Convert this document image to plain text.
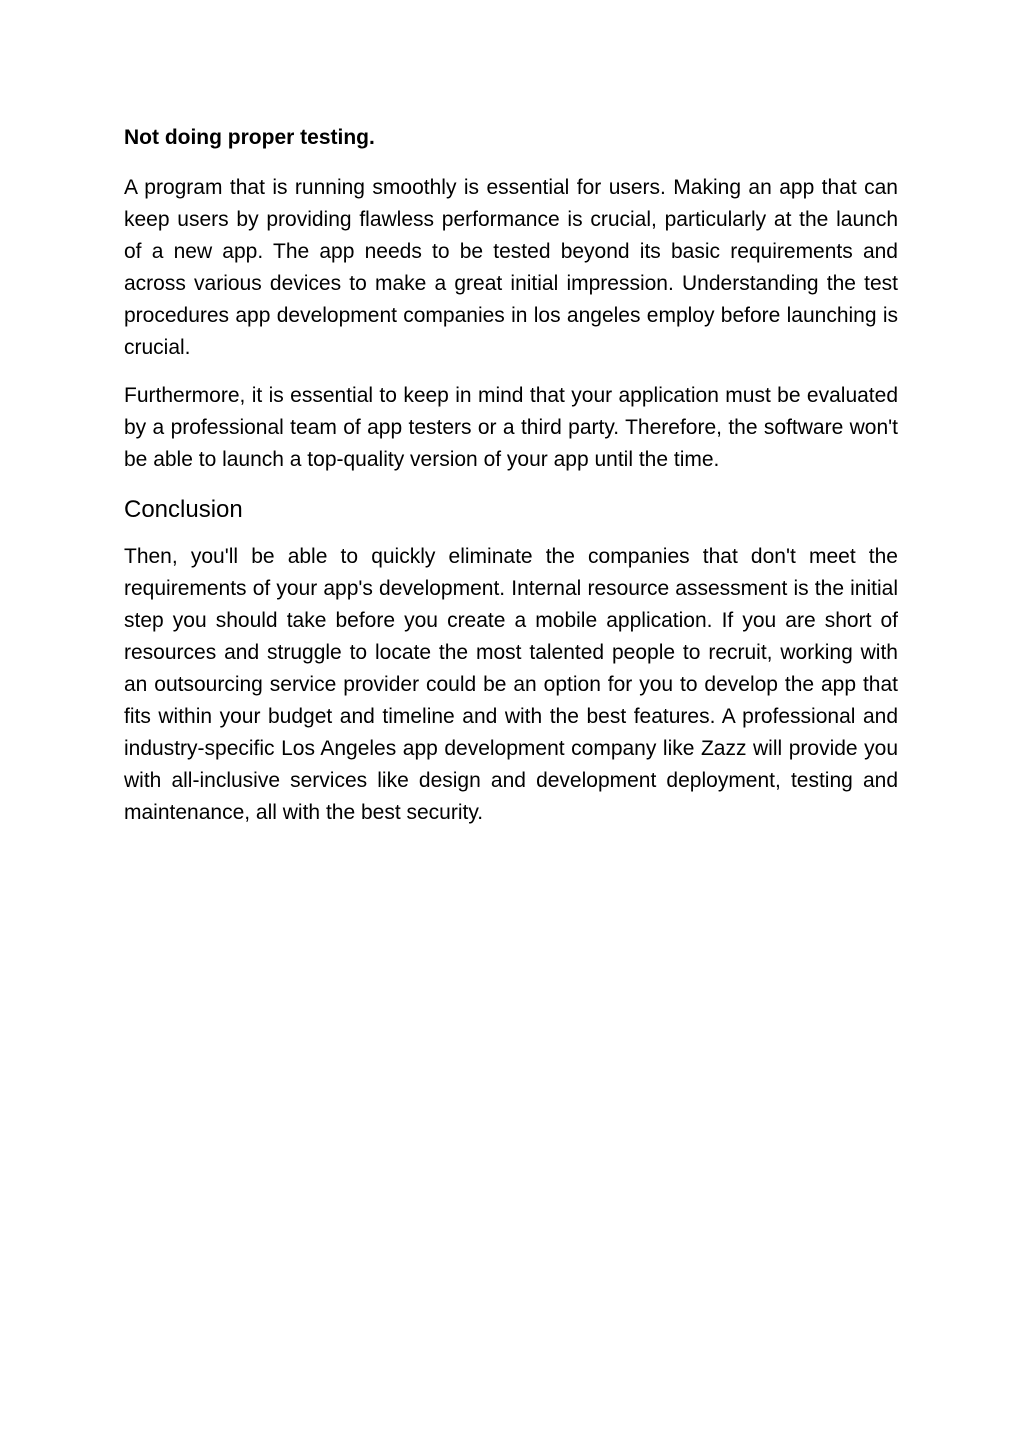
Not doing proper testing.

A program that is running smoothly is essential for users. Making an app that can keep users by providing flawless performance is crucial, particularly at the launch of a new app. The app needs to be tested beyond its basic requirements and across various devices to make a great initial impression. Understanding the test procedures app development companies in los angeles employ before launching is crucial.

Furthermore, it is essential to keep in mind that your application must be evaluated by a professional team of app testers or a third party. Therefore, the software won't be able to launch a top-quality version of your app until the time.

Conclusion

Then, you'll be able to quickly eliminate the companies that don't meet the requirements of your app's development. Internal resource assessment is the initial step you should take before you create a mobile application. If you are short of resources and struggle to locate the most talented people to recruit, working with an outsourcing service provider could be an option for you to develop the app that fits within your budget and timeline and with the best features. A professional and industry-specific Los Angeles app development company like Zazz will provide you with all-inclusive services like design and development deployment, testing and maintenance, all with the best security.
